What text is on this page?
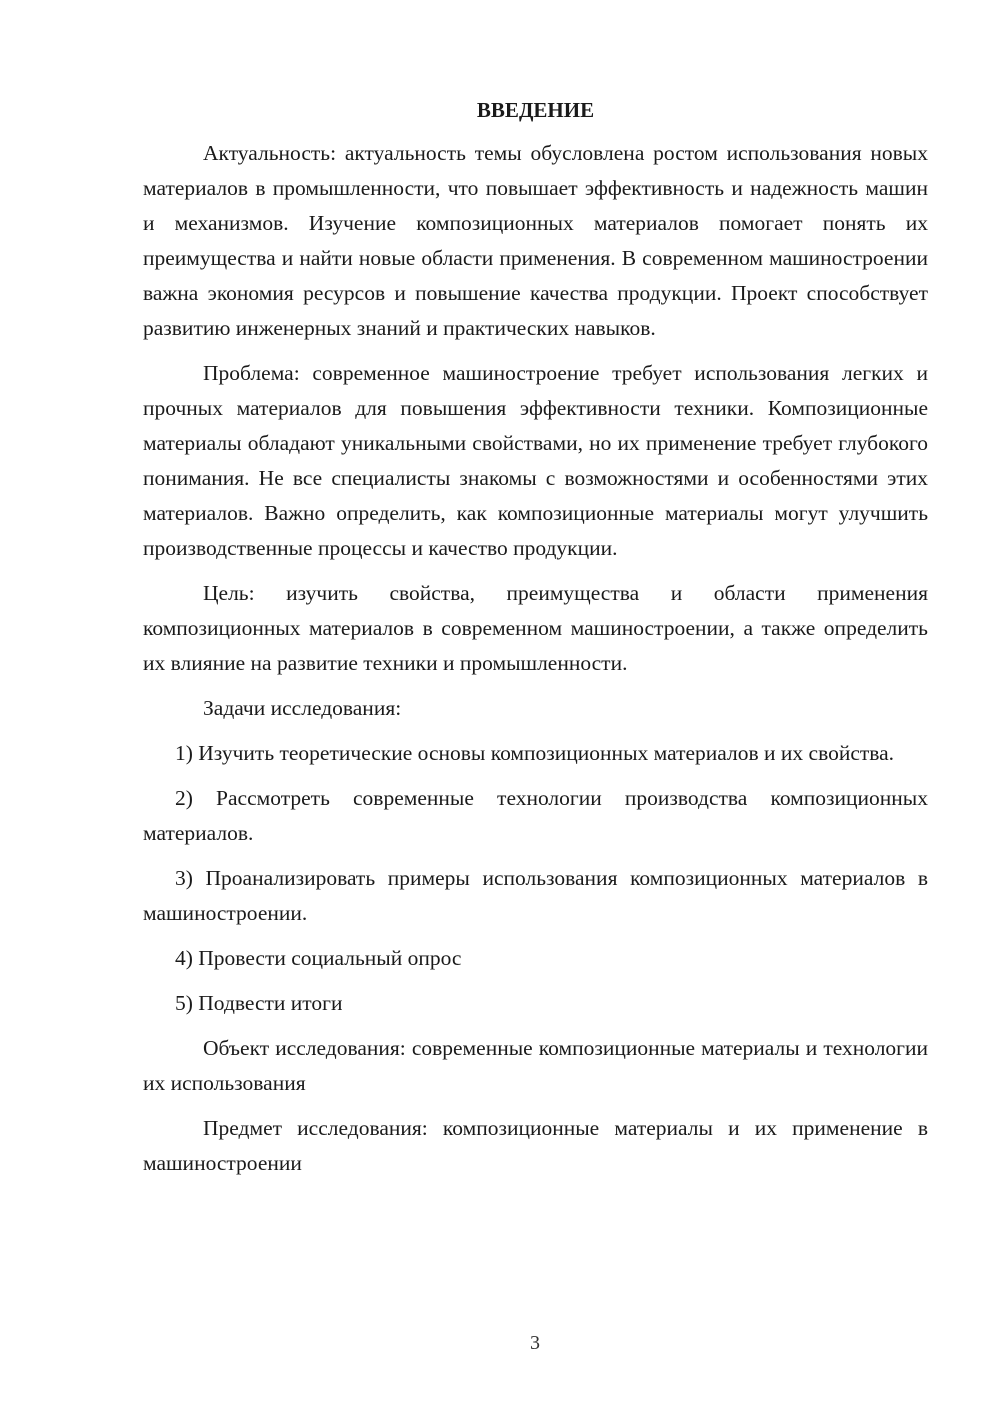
ВВЕДЕНИЕ

Актуальность: актуальность темы обусловлена ростом использования новых материалов в промышленности, что повышает эффективность и надежность машин и механизмов. Изучение композиционных материалов помогает понять их преимущества и найти новые области применения. В современном машиностроении важна экономия ресурсов и повышение качества продукции. Проект способствует развитию инженерных знаний и практических навыков.

Проблема: современное машиностроение требует использования легких и прочных материалов для повышения эффективности техники. Композиционные материалы обладают уникальными свойствами, но их применение требует глубокого понимания. Не все специалисты знакомы с возможностями и особенностями этих материалов. Важно определить, как композиционные материалы могут улучшить производственные процессы и качество продукции.

Цель: изучить свойства, преимущества и области применения композиционных материалов в современном машиностроении, а также определить их влияние на развитие техники и промышленности.

Задачи исследования:

1) Изучить теоретические основы композиционных материалов и их свойства.

2) Рассмотреть современные технологии производства композиционных материалов.

3) Проанализировать примеры использования композиционных материалов в машиностроении.

4) Провести социальный опрос

5) Подвести итоги

Объект исследования: современные композиционные материалы и технологии их использования

Предмет исследования: композиционные материалы и их применение в машиностроении

3
